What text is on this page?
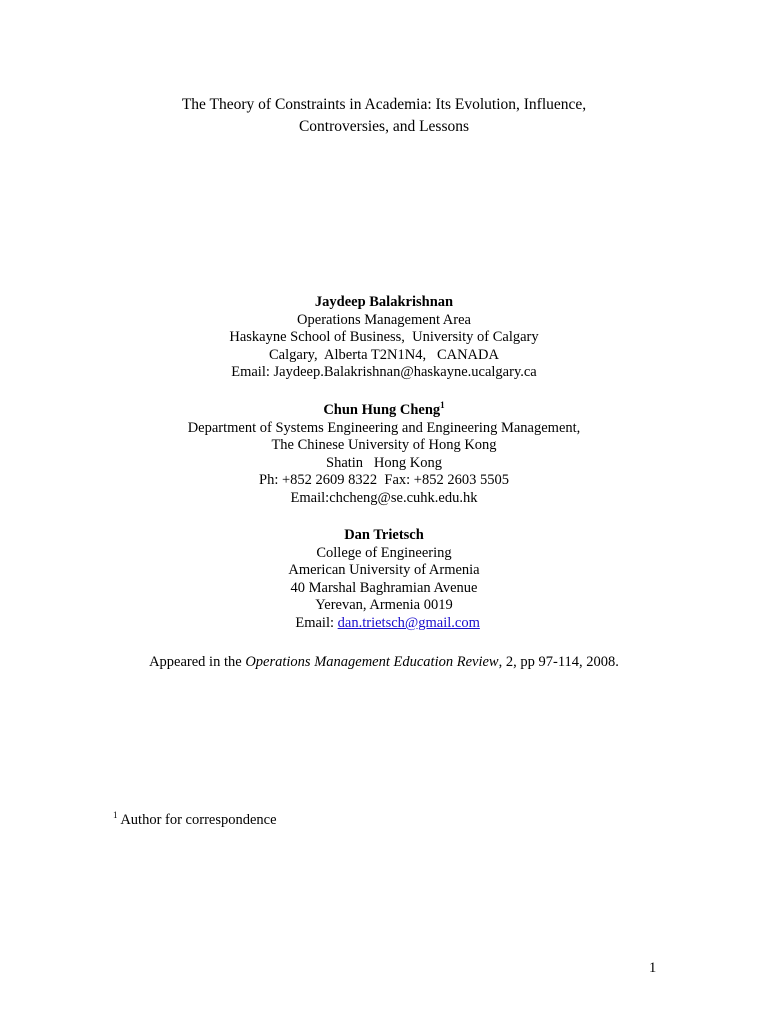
The Theory of Constraints in Academia: Its Evolution, Influence,
Controversies, and Lessons
Jaydeep Balakrishnan
Operations Management Area
Haskayne School of Business,  University of Calgary
Calgary,  Alberta T2N1N4,   CANADA
Email: Jaydeep.Balakrishnan@haskayne.ucalgary.ca
Chun Hung Cheng$^1$
Department of Systems Engineering and Engineering Management,
The Chinese University of Hong Kong
Shatin   Hong Kong
Ph: +852 2609 8322  Fax: +852 2603 5505
Email:chcheng@se.cuhk.edu.hk
Dan Trietsch
College of Engineering
American University of Armenia
40 Marshal Baghramian Avenue
Yerevan, Armenia 0019
Email: dan.trietsch@gmail.com
Appeared in the Operations Management Education Review, 2, pp 97-114, 2008.
$^1$ Author for correspondence
1
